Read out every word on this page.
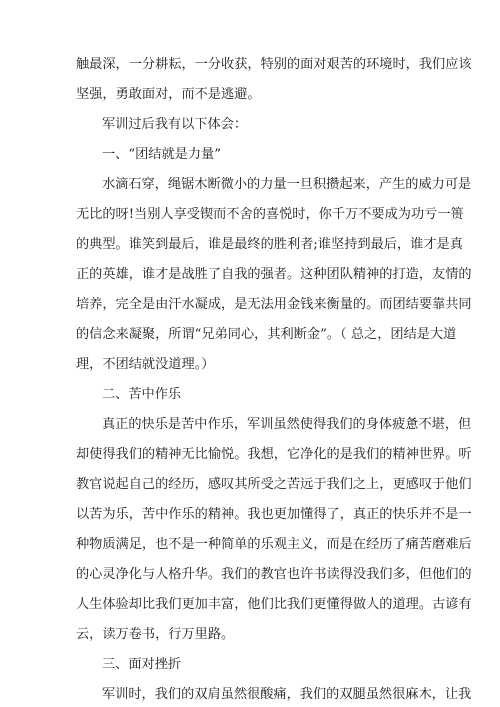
触最深，一分耕耘，一分收获，特别的面对艰苦的环境时，我们应该
坚强，勇敢面对，而不是逃避。
军训过后我有以下体会：
一、“团结就是力量”
水滴石穿，绳锯木断微小的力量一旦积攒起来，产生的威力可是
无比的呀!当别人享受锲而不舍的喜悦时，你千万不要成为功亏一篑
的典型。谁笑到最后，谁是最终的胜利者;谁坚持到最后，谁才是真
正的英雄，谁才是战胜了自我的强者。这种团队精神的打造，友情的
培养，完全是由汗水凝成，是无法用金钱来衡量的。而团结要靠共同
的信念来凝聚，所谓“兄弟同心，其利断金”。（ 总之，团结是大道
理，不团结就没道理。）
二、苦中作乐
真正的快乐是苦中作乐，军训虽然使得我们的身体疲惫不堪，但
却使得我们的精神无比愉悦。我想，它净化的是我们的精神世界。听
教官说起自己的经历，感叹其所受之苦远于我们之上，更感叹于他们
以苦为乐，苦中作乐的精神。我也更加懂得了，真正的快乐并不是一
种物质满足，也不是一种简单的乐观主义，而是在经历了痛苦磨难后
的心灵净化与人格升华。我们的教官也许书读得没我们多，但他们的
人生体验却比我们更加丰富，他们比我们更懂得做人的道理。古谚有
云，读万卷书，行万里路。
三、面对挫折
军训时，我们的双肩虽然很酸痛，我们的双腿虽然很麻木，让我
